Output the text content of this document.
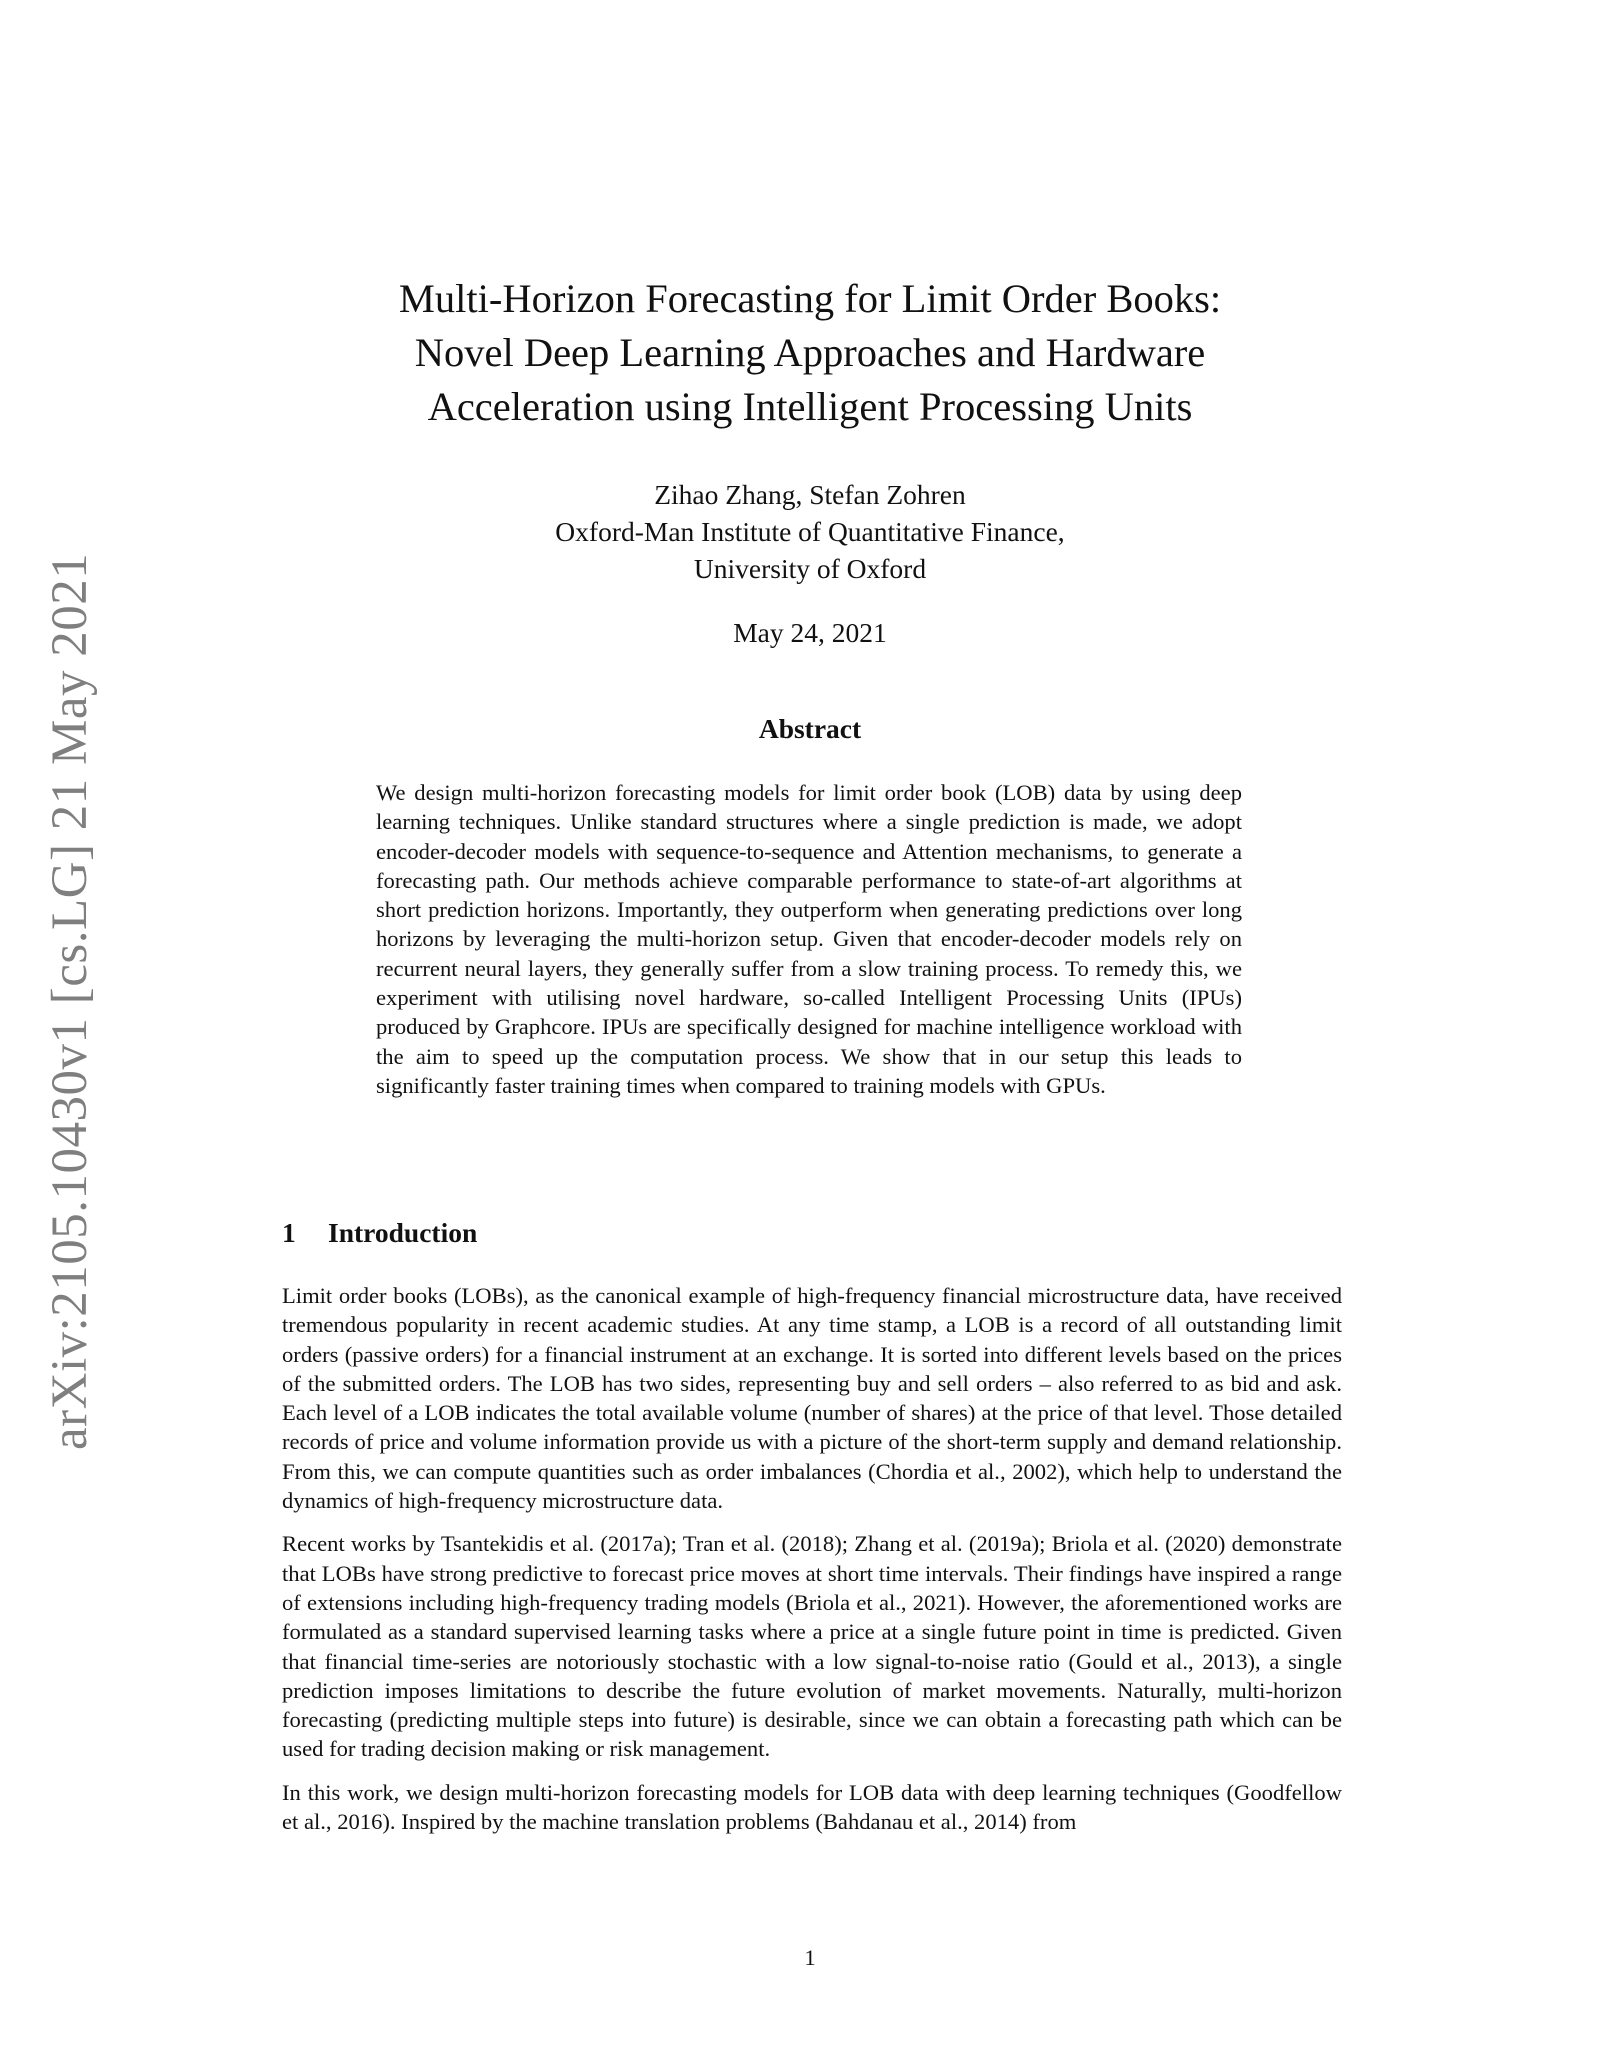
arXiv:2105.10430v1 [cs.LG] 21 May 2021
Multi-Horizon Forecasting for Limit Order Books:
Novel Deep Learning Approaches and Hardware
Acceleration using Intelligent Processing Units
Zihao Zhang, Stefan Zohren
Oxford-Man Institute of Quantitative Finance,
University of Oxford
May 24, 2021
Abstract
We design multi-horizon forecasting models for limit order book (LOB) data by using deep learning techniques. Unlike standard structures where a single prediction is made, we adopt encoder-decoder models with sequence-to-sequence and Attention mechanisms, to generate a forecasting path. Our methods achieve comparable performance to state-of-art algorithms at short prediction horizons. Importantly, they outperform when generating predictions over long horizons by leveraging the multi-horizon setup. Given that encoder-decoder models rely on recurrent neural layers, they generally suffer from a slow training process. To remedy this, we experiment with utilising novel hardware, so-called Intelligent Processing Units (IPUs) produced by Graphcore. IPUs are specifically designed for machine intelligence workload with the aim to speed up the computation process. We show that in our setup this leads to significantly faster training times when compared to training models with GPUs.
1 Introduction

Limit order books (LOBs), as the canonical example of high-frequency financial microstructure data, have received tremendous popularity in recent academic studies. At any time stamp, a LOB is a record of all outstanding limit orders (passive orders) for a financial instrument at an exchange. It is sorted into different levels based on the prices of the submitted orders. The LOB has two sides, representing buy and sell orders – also referred to as bid and ask. Each level of a LOB indicates the total available volume (number of shares) at the price of that level. Those detailed records of price and volume information provide us with a picture of the short-term supply and demand relationship. From this, we can compute quantities such as order imbalances (Chordia et al., 2002), which help to understand the dynamics of high-frequency microstructure data.

Recent works by Tsantekidis et al. (2017a); Tran et al. (2018); Zhang et al. (2019a); Briola et al. (2020) demonstrate that LOBs have strong predictive to forecast price moves at short time intervals. Their findings have inspired a range of extensions including high-frequency trading models (Briola et al., 2021). However, the aforementioned works are formulated as a standard supervised learning tasks where a price at a single future point in time is predicted. Given that financial time-series are notoriously stochastic with a low signal-to-noise ratio (Gould et al., 2013), a single prediction imposes limitations to describe the future evolution of market movements. Naturally, multi-horizon forecasting (predicting multiple steps into future) is desirable, since we can obtain a forecasting path which can be used for trading decision making or risk management.

In this work, we design multi-horizon forecasting models for LOB data with deep learning techniques (Goodfellow et al., 2016). Inspired by the machine translation problems (Bahdanau et al., 2014) from

1
